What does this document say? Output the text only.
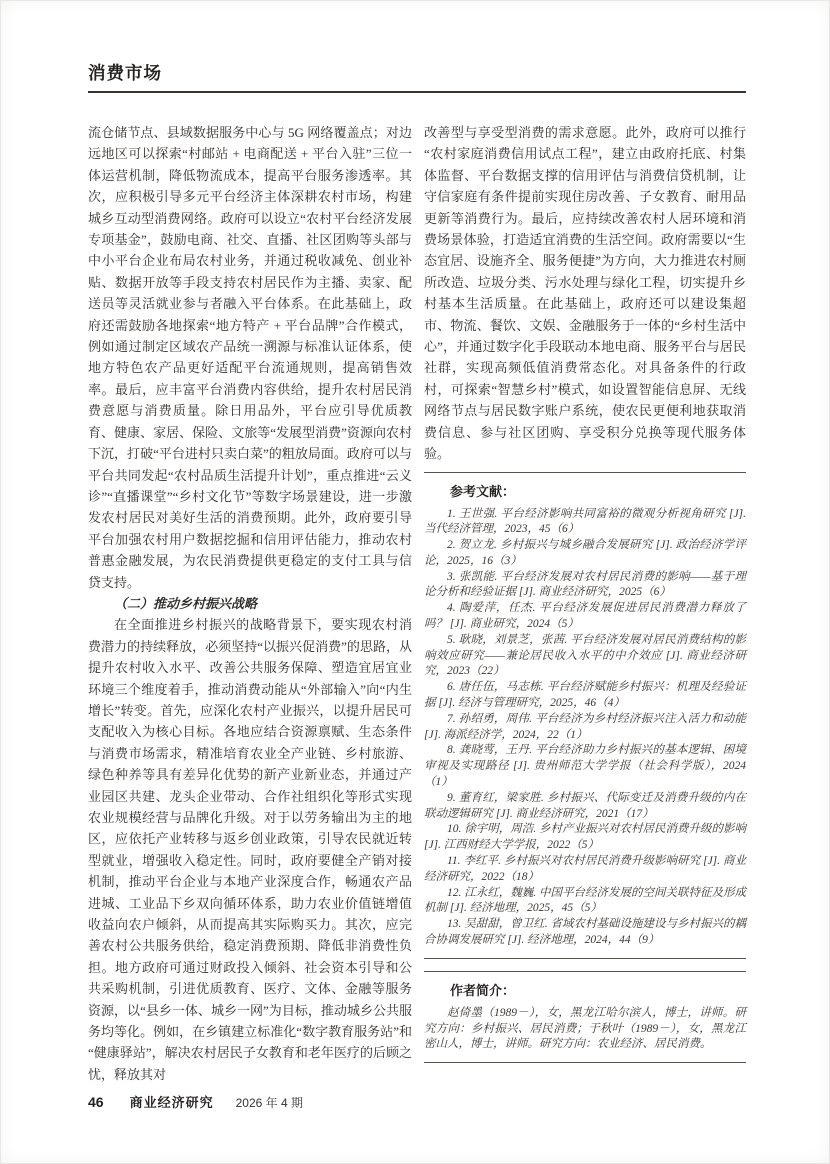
消费市场

流仓储节点、县域数据服务中心与 5G 网络覆盖点；对边远地区可以探索“村邮站 + 电商配送 + 平台入驻”三位一体运营机制，降低物流成本，提高平台服务渗透率。其次，应积极引导多元平台经济主体深耕农村市场，构建城乡互动型消费网络。政府可以设立“农村平台经济发展专项基金”，鼓励电商、社交、直播、社区团购等头部与中小平台企业布局农村业务，并通过税收减免、创业补贴、数据开放等手段支持农村居民作为主播、卖家、配送员等灵活就业参与者融入平台体系。在此基础上，政府还需鼓励各地探索“地方特产 + 平台品牌”合作模式，例如通过制定区域农产品统一溯源与标准认证体系，使地方特色农产品更好适配平台流通规则，提高销售效率。最后，应丰富平台消费内容供给，提升农村居民消费意愿与消费质量。除日用品外，平台应引导优质教育、健康、家居、保险、文旅等“发展型消费”资源向农村下沉，打破“平台进村只卖白菜”的粗放局面。政府可以与平台共同发起“农村品质生活提升计划”，重点推进“云义诊”“直播课堂”“乡村文化节”等数字场景建设，进一步激发农村居民对美好生活的消费预期。此外，政府要引导平台加强农村用户数据挖掘和信用评估能力，推动农村普惠金融发展，为农民消费提供更稳定的支付工具与信贷支持。

（二）推动乡村振兴战略

在全面推进乡村振兴的战略背景下，要实现农村消费潜力的持续释放，必须坚持“以振兴促消费”的思路，从提升农村收入水平、改善公共服务保障、塑造宜居宜业环境三个维度着手，推动消费动能从“外部输入”向“内生增长”转变。首先，应深化农村产业振兴，以提升居民可支配收入为核心目标。各地应结合资源禀赋、生态条件与消费市场需求，精准培育农业全产业链、乡村旅游、绿色种养等具有差异化优势的新产业新业态，并通过产业园区共建、龙头企业带动、合作社组织化等形式实现农业规模经营与品牌化升级。对于以劳务输出为主的地区，应依托产业转移与返乡创业政策，引导农民就近转型就业，增强收入稳定性。同时，政府要健全产销对接机制，推动平台企业与本地产业深度合作，畅通农产品进城、工业品下乡双向循环体系，助力农业价值链增值收益向农户倾斜，从而提高其实际购买力。其次，应完善农村公共服务供给，稳定消费预期、降低非消费性负担。地方政府可通过财政投入倾斜、社会资本引导和公共采购机制，引进优质教育、医疗、文体、金融等服务资源，以“县乡一体、城乡一网”为目标，推动城乡公共服务均等化。例如，在乡镇建立标准化“数字教育服务站”和“健康驿站”，解决农村居民子女教育和老年医疗的后顾之忧，释放其对

改善型与享受型消费的需求意愿。此外，政府可以推行“农村家庭消费信用试点工程”，建立由政府托底、村集体监督、平台数据支撑的信用评估与消费信贷机制，让守信家庭有条件提前实现住房改善、子女教育、耐用品更新等消费行为。最后，应持续改善农村人居环境和消费场景体验，打造适宜消费的生活空间。政府需要以“生态宜居、设施齐全、服务便捷”为方向，大力推进农村厕所改造、垃圾分类、污水处理与绿化工程，切实提升乡村基本生活质量。在此基础上，政府还可以建设集超市、物流、餐饮、文娱、金融服务于一体的“乡村生活中心”，并通过数字化手段联动本地电商、服务平台与居民社群，实现高频低值消费常态化。对具备条件的行政村，可探索“智慧乡村”模式，如设置智能信息屏、无线网络节点与居民数字账户系统，使农民更便利地获取消费信息、参与社区团购、享受积分兑换等现代服务体验。

参考文献：

1. 王世强. 平台经济影响共同富裕的微观分析视角研究 [J]. 当代经济管理，2023，45（6）

2. 贺立龙. 乡村振兴与城乡融合发展研究 [J]. 政治经济学评论，2025，16（3）

3. 张凯能. 平台经济发展对农村居民消费的影响——基于理论分析和经验证据 [J]. 商业经济研究，2025（6）

4. 陶爱萍，任杰. 平台经济发展促进居民消费潜力释放了吗？ [J]. 商业研究，2024（5）

5. 耿晓，刘景芝，张茜. 平台经济发展对居民消费结构的影响效应研究——兼论居民收入水平的中介效应 [J]. 商业经济研究，2023（22）

6. 唐任伍，马志栋. 平台经济赋能乡村振兴：机理及经验证据 [J]. 经济与管理研究，2025，46（4）

7. 孙绍勇，周伟. 平台经济为乡村经济振兴注入活力和动能 [J]. 海派经济学，2024，22（1）

8. 龚晓莺，王丹. 平台经济助力乡村振兴的基本逻辑、困境审视及实现路径 [J]. 贵州师范大学学报（社会科学版），2024（1）

9. 董育红，梁家胜. 乡村振兴、代际变迁及消费升级的内在联动逻辑研究 [J]. 商业经济研究，2021（17）

10. 徐宇明，周浩. 乡村产业振兴对农村居民消费升级的影响 [J]. 江西财经大学学报，2022（5）

11. 李红平. 乡村振兴对农村居民消费升级影响研究 [J]. 商业经济研究，2022（18）

12. 江永红，魏巍. 中国平台经济发展的空间关联特征及形成机制 [J]. 经济地理，2025，45（5）

13. 吴甜甜，曾卫红. 省域农村基础设施建设与乡村振兴的耦合协调发展研究 [J]. 经济地理，2024，44（9）

作者简介：

赵倚墨（1989－），女，黑龙江哈尔滨人，博士，讲师。研究方向：乡村振兴、居民消费；于秋叶（1989－），女，黑龙江密山人，博士，讲师。研究方向：农业经济、居民消费。

46 商业经济研究 2026 年 4 期
